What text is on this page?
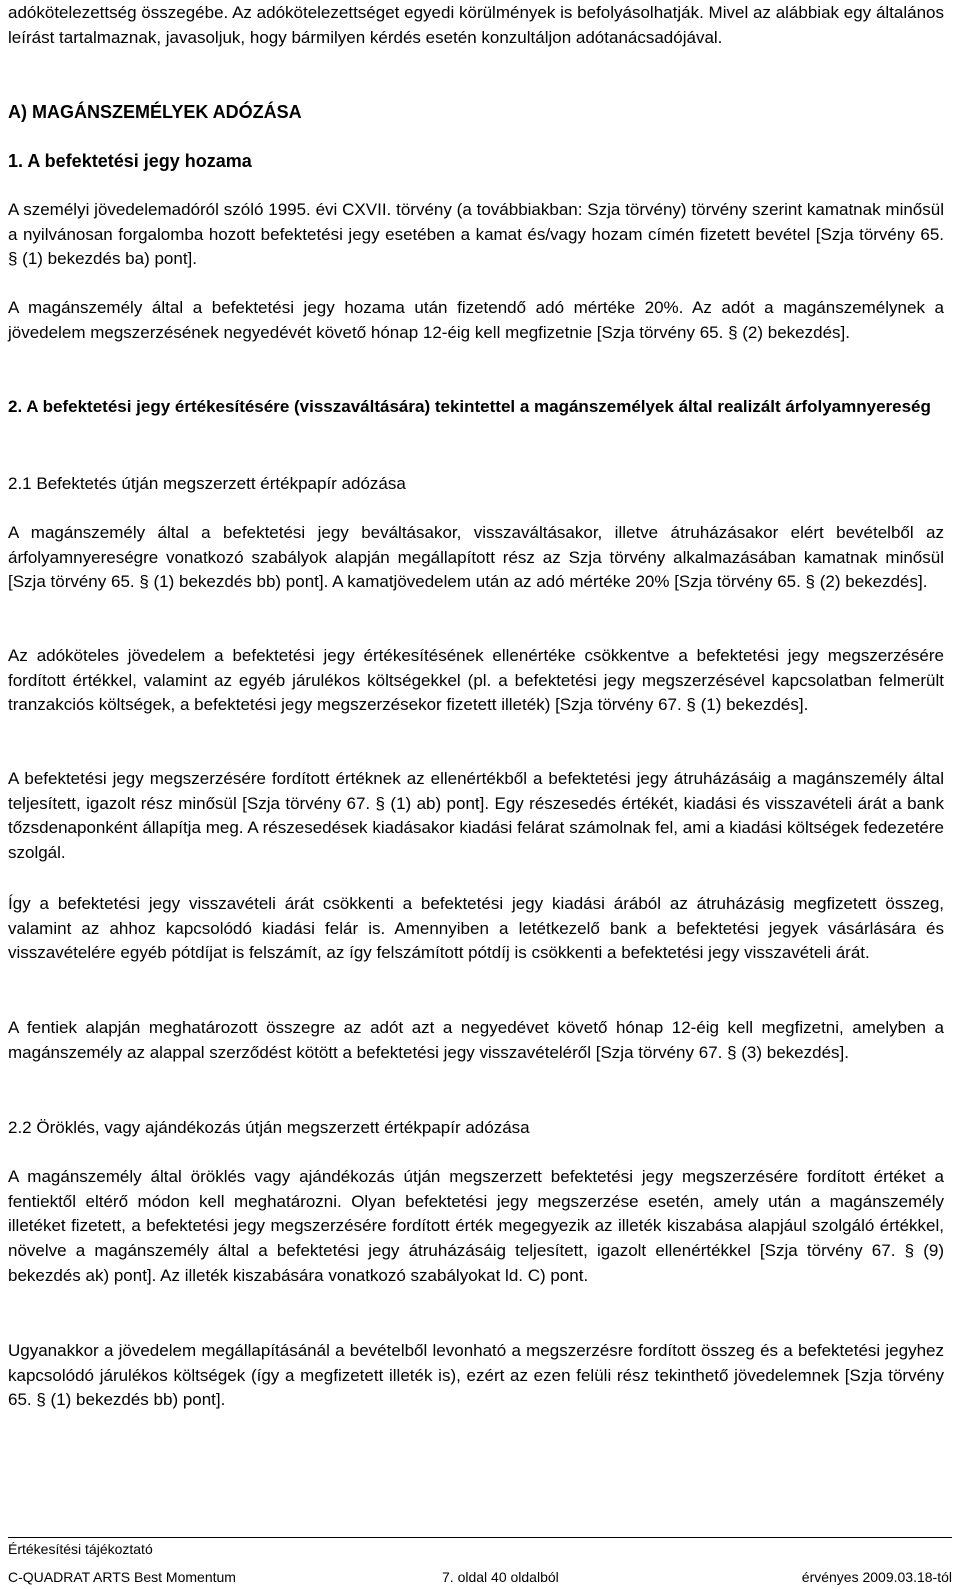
adókötelezettség összegébe. Az adókötelezettséget egyedi körülmények is befolyásolhatják. Mivel az alábbiak egy általános leírást tartalmaznak, javasoljuk, hogy bármilyen kérdés esetén konzultáljon adótanácsadójával.

A) MAGÁNSZEMÉLYEK ADÓZÁSA

1. A befektetési jegy hozama

A személyi jövedelemadóról szóló 1995. évi CXVII. törvény (a továbbiakban: Szja törvény) törvény szerint kamatnak minősül a nyilvánosan forgalomba hozott befektetési jegy esetében a kamat és/vagy hozam címén fizetett bevétel [Szja törvény 65. § (1) bekezdés ba) pont].

A magánszemély által a befektetési jegy hozama után fizetendő adó mértéke 20%. Az adót a magánszemélynek a jövedelem megszerzésének negyedévét követő hónap 12-éig kell megfizetnie [Szja törvény 65. § (2) bekezdés].

2. A befektetési jegy értékesítésére (visszaváltására) tekintettel a magánszemélyek által realizált árfolyamnyereség

2.1 Befektetés útján megszerzett értékpapír adózása

A magánszemély által a befektetési jegy beváltásakor, visszaváltásakor, illetve átruházásakor elért bevételből az árfolyamnyereségre vonatkozó szabályok alapján megállapított rész az Szja törvény alkalmazásában kamatnak minősül [Szja törvény 65. § (1) bekezdés bb) pont]. A kamatjövedelem után az adó mértéke 20% [Szja törvény 65. § (2) bekezdés].

Az adóköteles jövedelem a befektetési jegy értékesítésének ellenértéke csökkentve a befektetési jegy megszerzésére fordított értékkel, valamint az egyéb járulékos költségekkel (pl. a befektetési jegy megszerzésével kapcsolatban felmerült tranzakciós költségek, a befektetési jegy megszerzésekor fizetett illeték) [Szja törvény 67. § (1) bekezdés].

A befektetési jegy megszerzésére fordított értéknek az ellenértékből a befektetési jegy átruházásáig a magánszemély által teljesített, igazolt rész minősül [Szja törvény 67. § (1) ab) pont]. Egy részesedés értékét, kiadási és visszavételi árát a bank tőzsdenaponként állapítja meg. A részesedések kiadásakor kiadási felárat számolnak fel, ami a kiadási költségek fedezetére szolgál.

Így a befektetési jegy visszavételi árát csökkenti a befektetési jegy kiadási árából az átruházásig megfizetett összeg, valamint az ahhoz kapcsolódó kiadási felár is. Amennyiben a letétkezelő bank a befektetési jegyek vásárlására és visszavételére egyéb pótdíjat is felszámít, az így felszámított pótdíj is csökkenti a befektetési jegy visszavételi árát.

A fentiek alapján meghatározott összegre az adót azt a negyedévet követő hónap 12-éig kell megfizetni, amelyben a magánszemély az alappal szerződést kötött a befektetési jegy visszavételéről [Szja törvény 67. § (3) bekezdés].

2.2 Öröklés, vagy ajándékozás útján megszerzett értékpapír adózása

A magánszemély által öröklés vagy ajándékozás útján megszerzett befektetési jegy megszerzésére fordított értéket a fentiektől eltérő módon kell meghatározni. Olyan befektetési jegy megszerzése esetén, amely után a magánszemély illetéket fizetett, a befektetési jegy megszerzésére fordított érték megegyezik az illeték kiszabása alapjául szolgáló értékkel, növelve a magánszemély által a befektetési jegy átruházásáig teljesített, igazolt ellenértékkel [Szja törvény 67. § (9) bekezdés ak) pont]. Az illeték kiszabására vonatkozó szabályokat ld. C) pont.

Ugyanakkor a jövedelem megállapításánál a bevételből levonható a megszerzésre fordított összeg és a befektetési jegyhez kapcsolódó járulékos költségek (így a megfizetett illeték is), ezért az ezen felüli rész tekinthető jövedelemnek [Szja törvény 65. § (1) bekezdés bb) pont].

Értékesítési tájékoztató
C-QUADRAT ARTS Best Momentum	7. oldal 40 oldalból	érvényes 2009.03.18-tól
